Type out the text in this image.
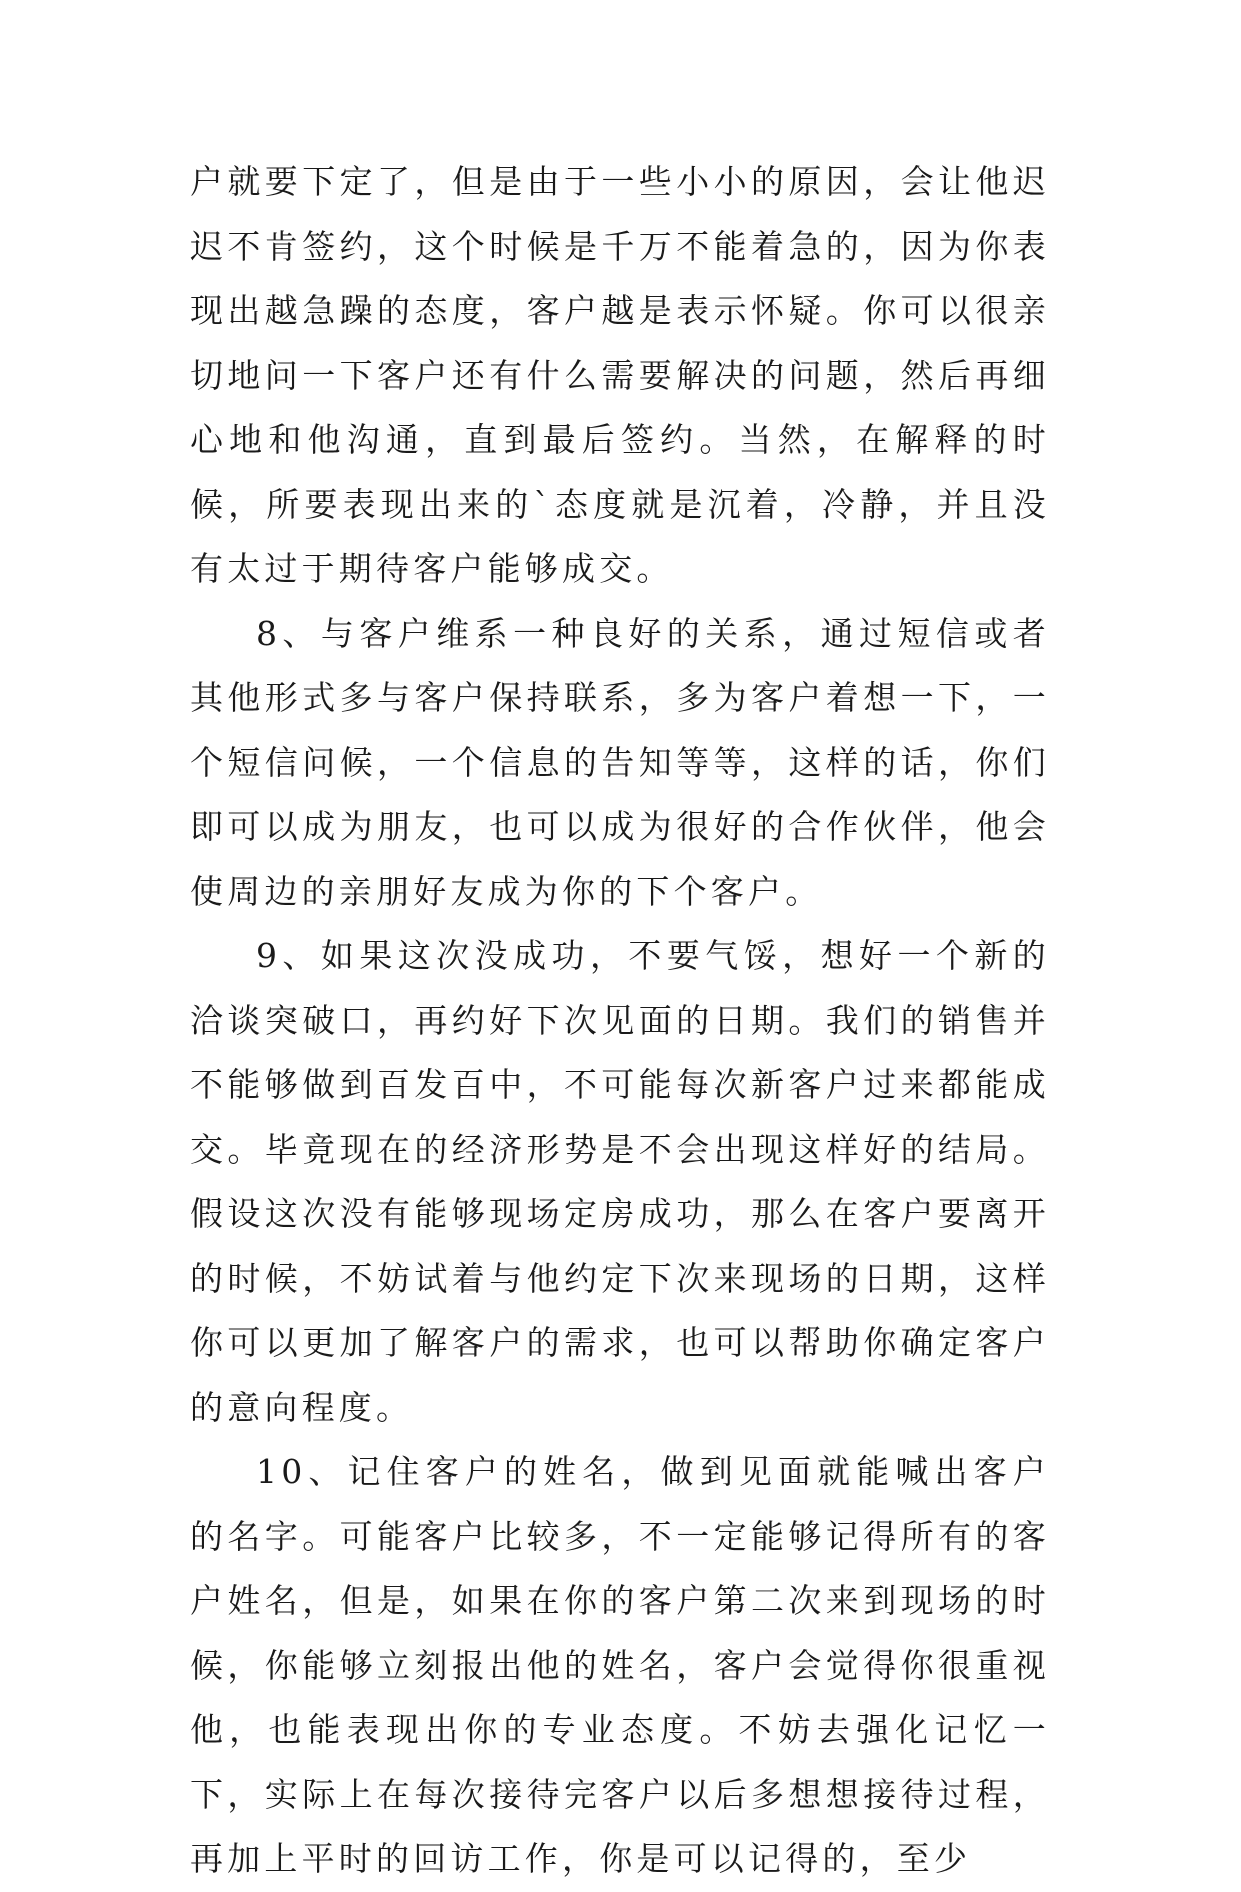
户就要下定了，但是由于一些小小的原因，会让他迟迟不肯签约，这个时候是千万不能着急的，因为你表现出越急躁的态度，客户越是表示怀疑。你可以很亲切地问一下客户还有什么需要解决的问题，然后再细心地和他沟通，直到最后签约。当然，在解释的时候，所要表现出来的`态度就是沉着，冷静，并且没有太过于期待客户能够成交。

8、与客户维系一种良好的关系，通过短信或者其他形式多与客户保持联系，多为客户着想一下，一个短信问候，一个信息的告知等等，这样的话，你们即可以成为朋友，也可以成为很好的合作伙伴，他会使周边的亲朋好友成为你的下个客户。

9、如果这次没成功，不要气馁，想好一个新的洽谈突破口，再约好下次见面的日期。我们的销售并不能够做到百发百中，不可能每次新客户过来都能成交。毕竟现在的经济形势是不会出现这样好的结局。假设这次没有能够现场定房成功，那么在客户要离开的时候，不妨试着与他约定下次来现场的日期，这样你可以更加了解客户的需求，也可以帮助你确定客户的意向程度。

10、记住客户的姓名，做到见面就能喊出客户的名字。可能客户比较多，不一定能够记得所有的客户姓名，但是，如果在你的客户第二次来到现场的时候，你能够立刻报出他的姓名，客户会觉得你很重视他，也能表现出你的专业态度。不妨去强化记忆一下，实际上在每次接待完客户以后多想想接待过程，再加上平时的回访工作，你是可以记得的，至少
